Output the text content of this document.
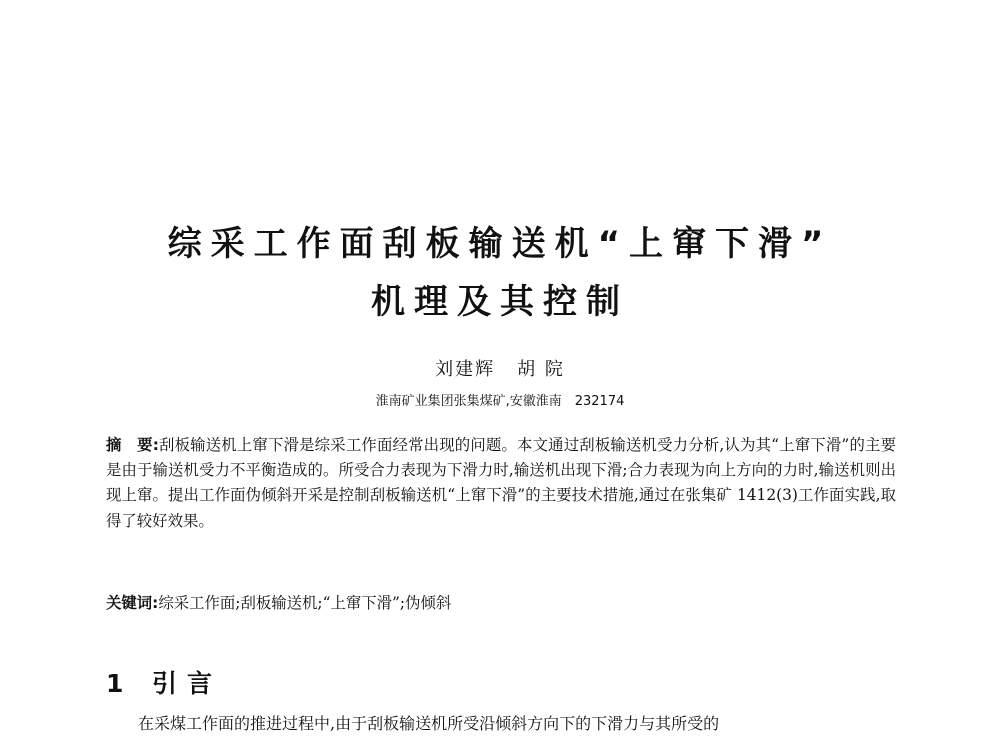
综采工作面刮板输送机“上窜下滑”
机理及其控制
刘建辉 胡 院
淮南矿业集团张集煤矿,安徽淮南　232174

摘　要:刮板输送机上窜下滑是综采工作面经常出现的问题。本文通过刮板输送机受力分析,认为其“上窜下滑”的主要是由于输送机受力不平衡造成的。所受合力表现为下滑力时,输送机出现下滑;合力表现为向上方向的力时,输送机则出现上窜。提出工作面伪倾斜开采是控制刮板输送机“上窜下滑”的主要技术措施,通过在张集矿 1412(3)工作面实践,取得了较好效果。

关键词:综采工作面;刮板输送机;“上窜下滑”;伪倾斜

1 引言

在采煤工作面的推进过程中,由于刮板输送机所受沿倾斜方向下的下滑力与其所受的
